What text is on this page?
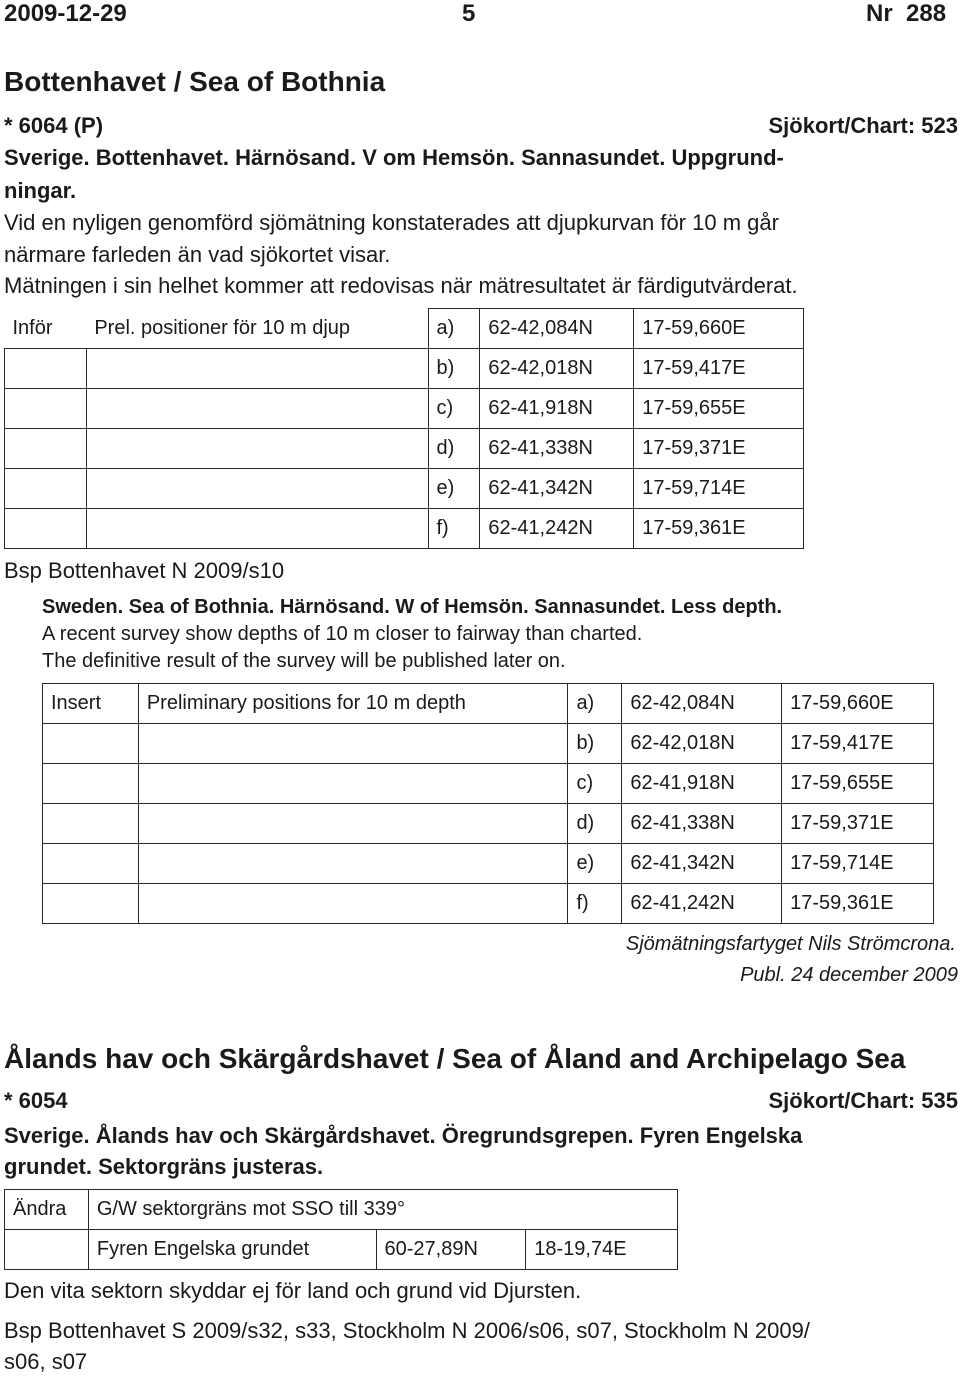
2009-12-29	5	Nr  288
Bottenhavet / Sea of Bothnia
* 6064 (P)	Sjökort/Chart: 523
Sverige. Bottenhavet. Härnösand. V om Hemsön. Sannasundet. Uppgrund-
ningar.
Vid en nyligen genomförd sjömätning konstaterades att djupkurvan för 10 m går
närmare farleden än vad sjökortet visar.
Mätningen i sin helhet kommer att redovisas när mätresultatet är färdigutvärderat.
Inför	Prel. positioner för 10 m djup	a)	62-42,084N	17-59,660E
		b)	62-42,018N	17-59,417E
		c)	62-41,918N	17-59,655E
		d)	62-41,338N	17-59,371E
		e)	62-41,342N	17-59,714E
		f)	62-41,242N	17-59,361E
Bsp Bottenhavet N 2009/s10
Sweden. Sea of Bothnia. Härnösand. W of Hemsön. Sannasundet. Less depth.
A recent survey show depths of 10 m closer to fairway than charted.
The definitive result of the survey will be published later on.
Insert	Preliminary positions for 10 m depth	a)	62-42,084N	17-59,660E
		b)	62-42,018N	17-59,417E
		c)	62-41,918N	17-59,655E
		d)	62-41,338N	17-59,371E
		e)	62-41,342N	17-59,714E
		f)	62-41,242N	17-59,361E
Sjömätningsfartyget Nils Strömcrona.
Publ. 24 december 2009
Ålands hav och Skärgårdshavet / Sea of Åland and Archipelago Sea
* 6054	Sjökort/Chart: 535
Sverige. Ålands hav och Skärgårdshavet. Öregrundsgrepen. Fyren Engelska
grundet. Sektorgräns justeras.
Ändra	G/W sektorgräns mot SSO till 339°		
	Fyren Engelska grundet	60-27,89N	18-19,74E
Den vita sektorn skyddar ej för land och grund vid Djursten.
Bsp Bottenhavet S 2009/s32, s33, Stockholm N 2006/s06, s07, Stockholm N 2009/
s06, s07
